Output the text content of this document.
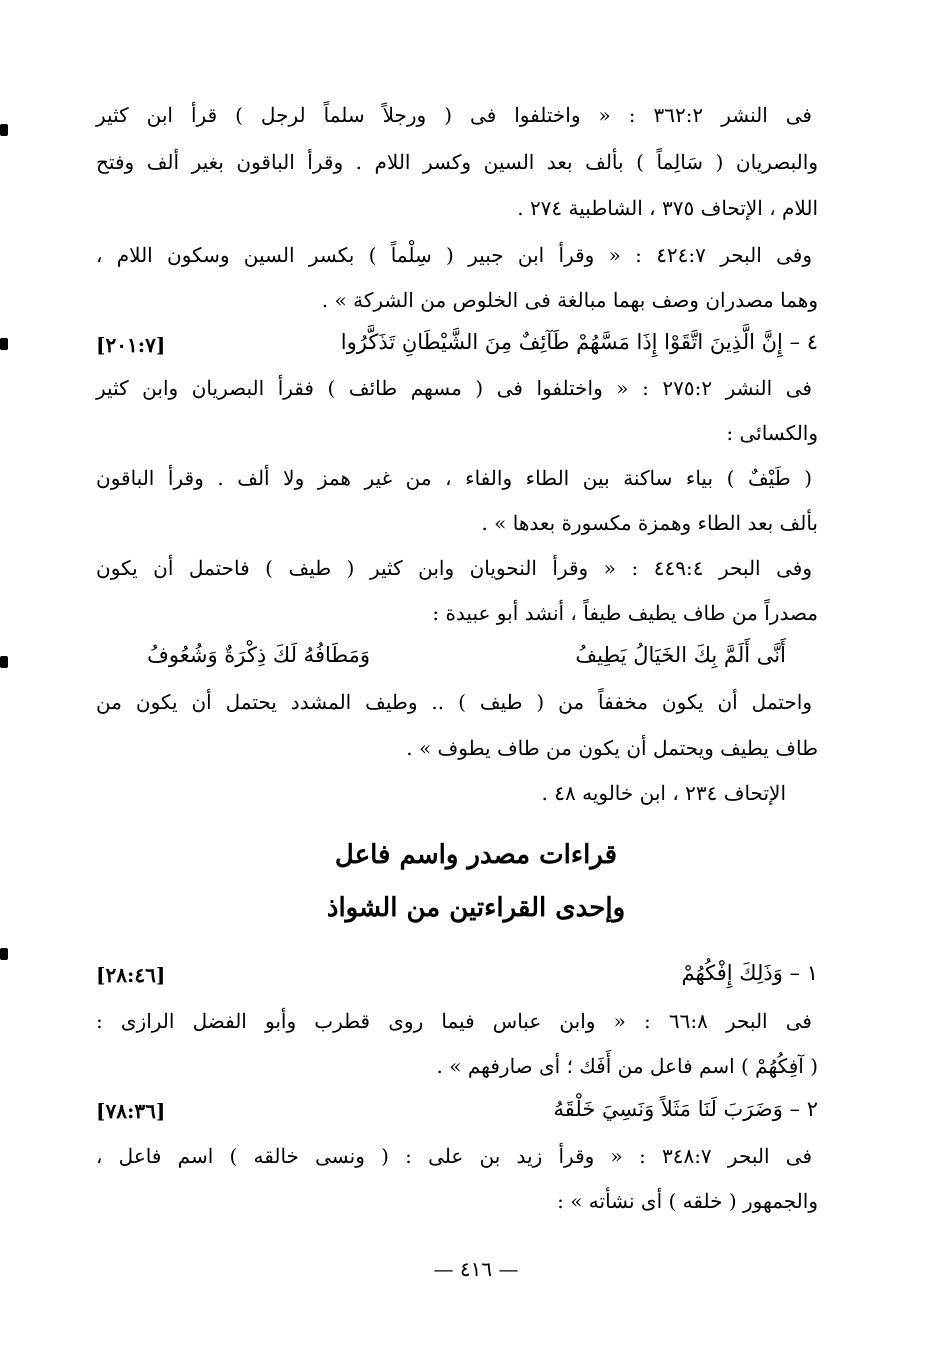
فى النشر ٣٦٢:٢ : « واختلفوا فى ( ورجلاً سلماً لرجل ) قرأ ابن كثير
والبصريان ( سَالِماً ) بألف بعد السين وكسر اللام . وقرأ الباقون بغير ألف وفتح
اللام ، الإتحاف ٣٧٥ ، الشاطبية ٢٧٤ .
وفى البحر ٤٢٤:٧ : « وقرأ ابن جبير ( سِلْماً ) بكسر السين وسكون اللام ،
وهما مصدران وصف بهما مبالغة فى الخلوص من الشركة » .
٤ – إِنَّ الَّذِينَ اتَّقَوْا إِذَا مَسَّهُمْ طَآئِفٌ مِنَ الشَّيْطَانِ تَذَكَّرُوا
[٢٠١:٧]
فى النشر ٢٧٥:٢ : « واختلفوا فى ( مسهم طائف ) فقرأ البصريان وابن كثير
والكسائى :
( طَيْفٌ ) بياء ساكنة بين الطاء والفاء ، من غير همز ولا ألف . وقرأ الباقون
بألف بعد الطاء وهمزة مكسورة بعدها » .
وفى البحر ٤٤٩:٤ : « وقرأ النحويان وابن كثير ( طيف ) فاحتمل أن يكون
مصدراً من طاف يطيف طيفاً ، أنشد أبو عبيدة :
أَنَّى أَلَمَّ بِكَ الخَيَالُ يَطِيفُ
وَمَطَافُهُ لَكَ ذِكْرَةٌ وَشُعُوفُ
واحتمل أن يكون مخففاً من ( طيف ) .. وطيف المشدد يحتمل أن يكون من
طاف يطيف ويحتمل أن يكون من طاف يطوف » .
الإتحاف ٢٣٤ ، ابن خالويه ٤٨ .
قراءات مصدر واسم فاعل
وإحدى القراءتين من الشواذ
١ – وَذَلِكَ إِفْكُهُمْ
[٢٨:٤٦]
فى البحر ٦٦:٨ : « وابن عباس فيما روى قطرب وأبو الفضل الرازى :
( آفِكُهُمْ ) اسم فاعل من أَفَك ؛ أى صارفهم » .
٢ – وَضَرَبَ لَنَا مَثَلاً وَنَسِيَ خَلْقَهُ
[٧٨:٣٦]
فى البحر ٣٤٨:٧ : « وقرأ زيد بن على : ( ونسى خالقه ) اسم فاعل ،
والجمهور ( خلقه ) أى نشأته » :
— ٤١٦ —
